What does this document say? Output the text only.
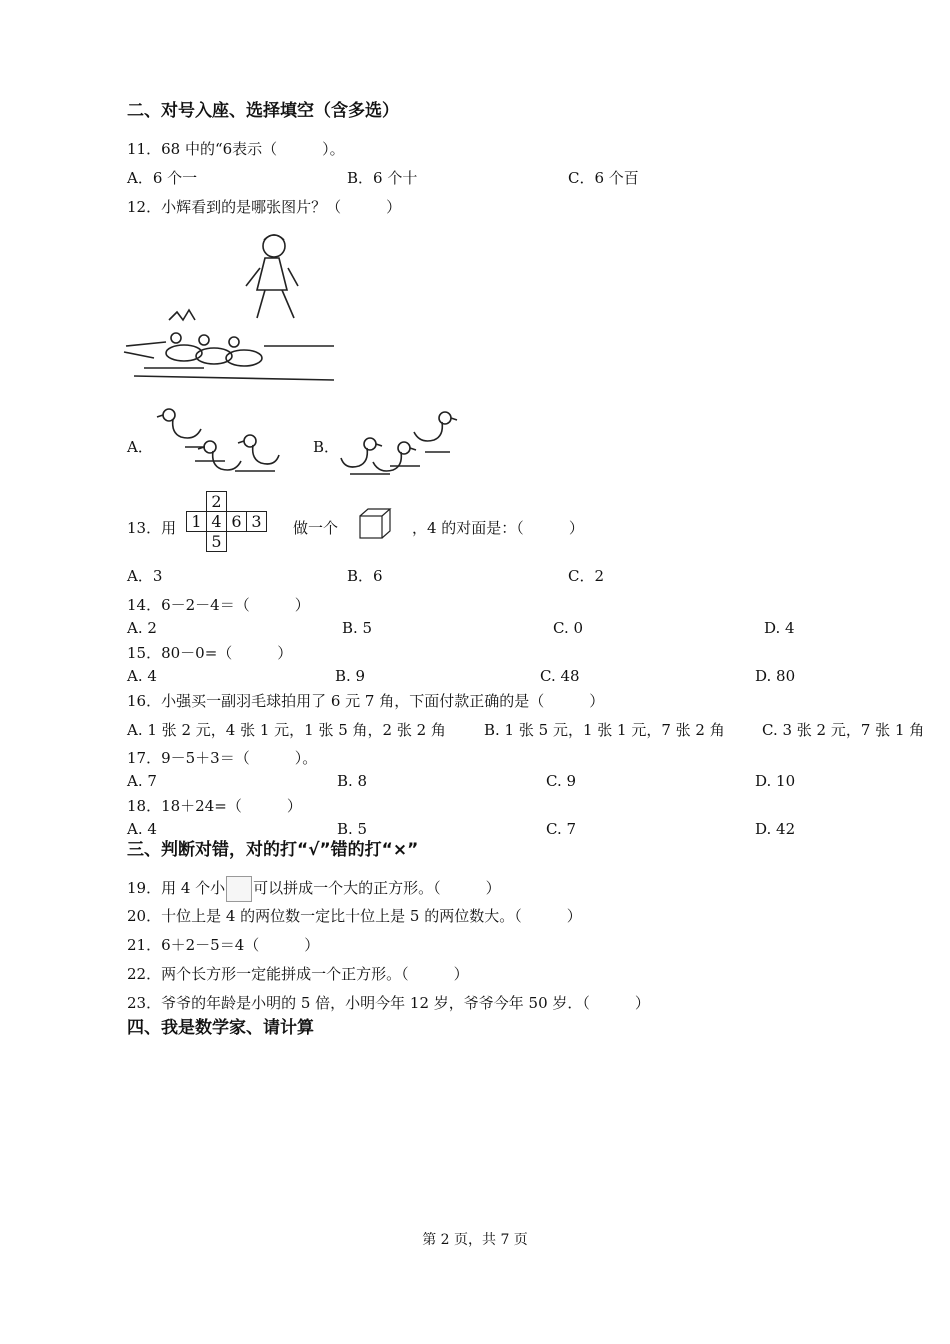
二、对号入座、选择填空（含多选）
11．68 中的“6表示（　　　）。
A．6 个一	B．6 个十	C．6 个百
12．小辉看到的是哪张图片？（　　　）
A．	B．
13．用
	2		
1	4	6	3
	5		
做一个	，4 的对面是：（　　　）
A．3	B．6	C．2
14．6－2－4＝（　　　）
A. 2	B. 5	C. 0	D. 4
15．80－0=（　　　）
A. 4	B. 9	C. 48	D. 80
16．小强买一副羽毛球拍用了 6 元 7 角，下面付款正确的是（　　　）
A. 1 张 2 元，4 张 1 元，1 张 5 角，2 张 2 角	B. 1 张 5 元，1 张 1 元，7 张 2 角 C. 3 张 2 元，7 张 1 角
17．9－5＋3＝（　　　）。
A. 7	B. 8	C. 9	D. 10
18．18＋24=（　　　）
A. 4	B. 5	C. 7	D. 42
三、判断对错，对的打“√”错的打“×”
19．用 4 个小 可以拼成一个大的正方形。（　　　）
20．十位上是 4 的两位数一定比十位上是 5 的两位数大。（　　　）
21．6＋2－5＝4（　　　）
22．两个长方形一定能拼成一个正方形。（　　　）
23．爷爷的年龄是小明的 5 倍，小明今年 12 岁，爷爷今年 50 岁．（　　　）
四、我是数学家、请计算
第 2 页，共 7 页
